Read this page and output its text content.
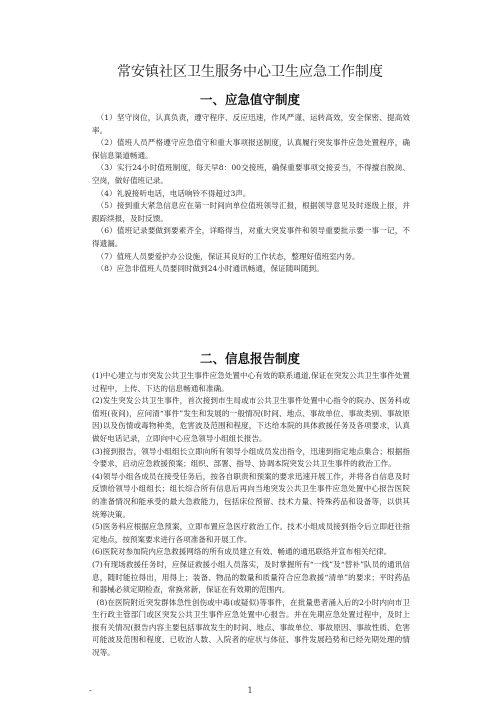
常安镇社区卫生服务中心卫生应急工作制度
一、应急值守制度

（1）坚守岗位，认真负责，遵守程序、反应迅速，作风严谨、运转高效，安全保密、提高效率。

（2）值班人员严格遵守应急值守和重大事项报送制度，认真履行突发事件应急处置程序，确保信息渠道畅通。

（3）实行24小时值班制度，每天早8：00交接班，确保重要事项交接妥当，不得擅自脱岗、空岗，做好值班记录。

（4）礼貌接听电话，电话响铃不得超过3声。

（5）接到重大紧急信息应在第一时间向单位值班领导汇报，根据领导意见及时逐级上报，并跟踪续报，及时反馈。

（6）值班记录要做到要素齐全，详略得当，对重大突发事件和领导重要批示要一事一记，不得遗漏。

（7）值班人员要爱护办公设施，保证其良好的工作状态，整理好值班室内务。

（8）应急非值班人员要同时做到24小时通讯畅通，保证随叫随到。

二、信息报告制度

(1)中心建立与市突发公共卫生事件应急处置中心有效的联系通道,保证在突发公共卫生事件处置过程中，上传、下达的信息畅通和准确。

(2)发生突发公共卫生事件，首次接到市生局或市公共卫生事件处置中心指令的院办、医务科或值班(夜间)，应问清“事件”发生和发展的一般情况(时间、地点、事故单位、事故类别、事故原因)以及伤情或毒物种类，危害波及范围和程度，下达给本院的具体救援任务及各项要求，认真做好电话记录，立即向中心应急领导小组组长报告。

(3)接到报告，领导小组组长立即向所有领导小组成员发出指令，迅速到指定地点集合；根据指令要求，启动应急救援预案；组织、部署、指导、协调本院突发公共卫生事件的救治工作。

(4)领导小组各成员在接受任务后，按各自职责和预案的要求迅速开展工作，并将各自信息及时反馈给领导小组组长；组长综合所有信息后再向当地突发公共卫生事件应急处置中心报告医院的准备情况和能承受的最大急救能力，包括床位预留、技术力量、特殊药品和设备等，以供其统筹决策。

(5)医务科应根据应急预案，立即布置应急医疗救治工作。技术小组成员接到指令后立即赶往指定地点，按预案要求进行各项准备和开展工作。

(6)医院对参加院内应急救援网络的所有成员建立有效、畅通的通迅联络并宣布相关纪律。

(7)有现场救援任务时，应保证救援小组人员落实，及时掌握所有“一线”及“替补”队员的通讯信息，随时能拉得出，用得上；装备、物品的数量和质量符合应急救援“清单”的要求；平时药品和器械必须定期检查，常换常新，保证在有效期的范围内。

(8)在医院附近突发群体急性创伤或中毒(或疑似)等事件，在批量患者涌入后的2小时内向市卫生行政主管部门或区突发公共卫生事件应急处置中心报告。并在先期应急处置过程中，及时上报有关情况(报告内容主要包括事故发生的时间、地点、事故单位、事故原因、事故性质、危害可能波及范围和程度、已收治人数、入院者的症状与体征、事件发展趋势和已经先期处理的情况等。

-	1
